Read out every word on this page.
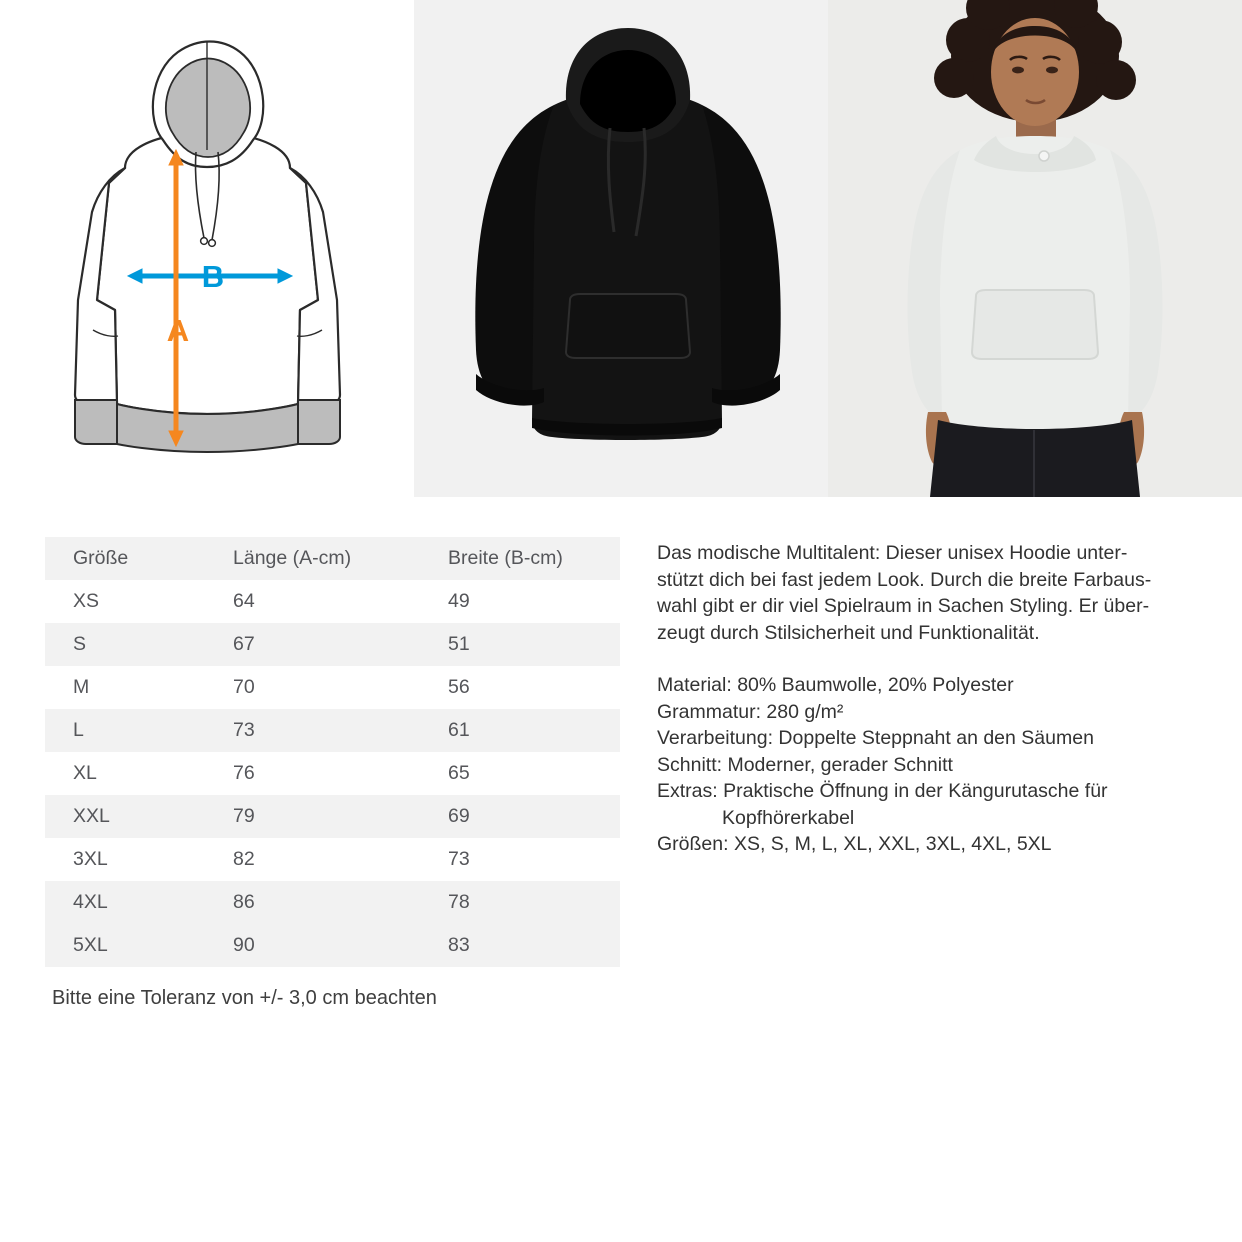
B
A
Größe	Länge (A-cm)	Breite (B-cm)
XS	64	49
S	67	51
M	70	56
L	73	61
XL	76	65
XXL	79	69
3XL	82	73
4XL	86	78
5XL	90	83
Bitte eine Toleranz von +/- 3,0 cm beachten

Das modische Multitalent: Dieser unisex Hoodie unter-

stützt dich bei fast jedem Look. Durch die breite Farbaus-

wahl gibt er dir viel Spielraum in Sachen Styling. Er über-

zeugt durch Stilsicherheit und Funktionalität.

Material: 80% Baumwolle, 20% Polyester

Grammatur: 280 g/m²

Verarbeitung: Doppelte Steppnaht an den Säumen

Schnitt: Moderner, gerader Schnitt

Extras: Praktische Öffnung in der Kängurutasche für

Kopfhörerkabel

Größen: XS, S, M, L, XL, XXL, 3XL, 4XL, 5XL
